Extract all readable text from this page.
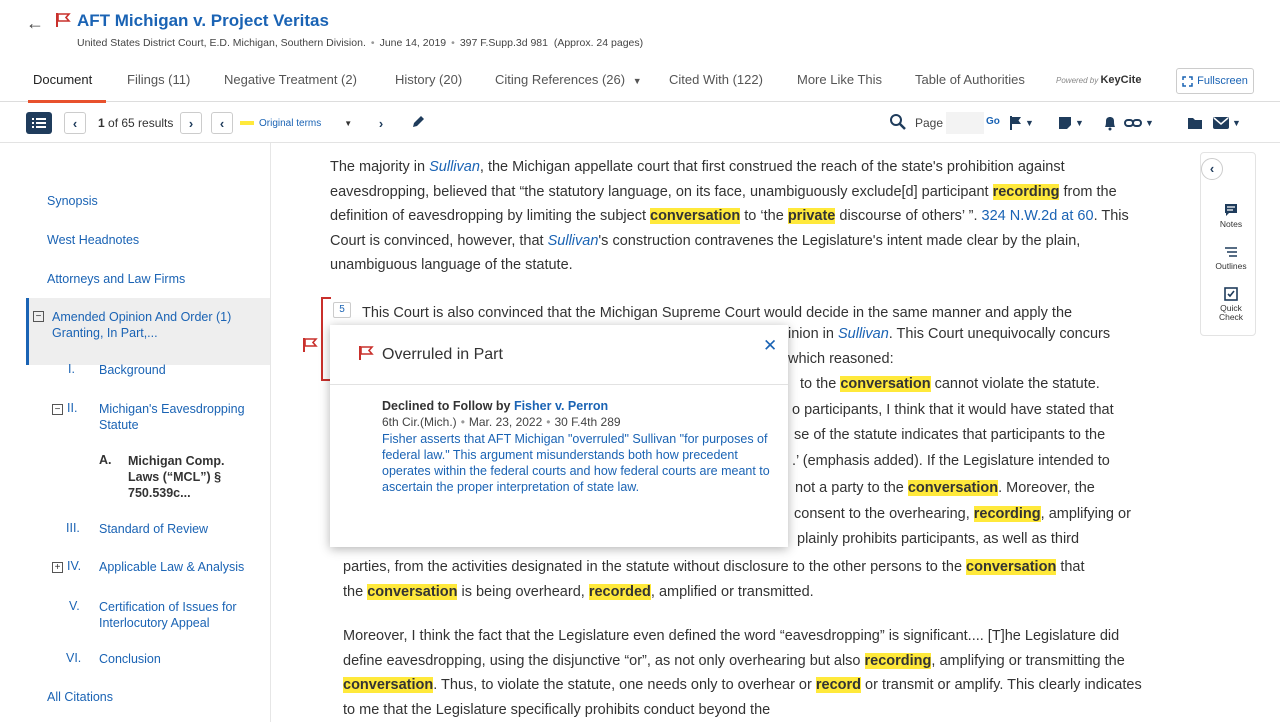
← AFT Michigan v. Project Veritas
United States District Court, E.D. Michigan, Southern Division. • June 14, 2019 • 397 F.Supp.3d 981 (Approx. 24 pages)
Document	Filings (11)	Negative Treatment (2)	History (20)	Citing References (26) ▼ Cited With (122)	More Like This	Table of Authorities	Powered by KeyCite	Fullscreen
‹ 1 of 65 results › ‹	Original terms	▼ ›	Page	Go	▼	▼	▼	▼
Synopsis
West Headnotes
Attorneys and Law Firms
− Amended Opinion And Order (1) Granting, In Part,...
I. Background
− II. Michigan's Eavesdropping Statute
A. Michigan Comp. Laws (“MCL”) § 750.539c...
III. Standard of Review
+ IV. Applicable Law & Analysis
V. Certification of Issues for Interlocutory Appeal
VI. Conclusion
All Citations

The majority in Sullivan, the Michigan appellate court that first construed the reach of the state's prohibition against eavesdropping, believed that “the statutory language, on its face, unambiguously exclude[d] participant recording from the definition of eavesdropping by limiting the subject conversation to ‘the private discourse of others’ ”. 324 N.W.2d at 60. This Court is convinced, however, that Sullivan's construction contravenes the Legislature's intent made clear by the plain, unambiguous language of the statute.

5	This Court is also convinced that the Michigan Supreme Court would decide in the same manner and apply the
inion in Sullivan. This Court unequivocally concurs
which reasoned:
to the conversation cannot violate the statute.
o participants, I think that it would have stated that
se of the statute indicates that participants to the
.’ (emphasis added). If the Legislature intended to
not a party to the conversation. Moreover, the
consent to the overhearing, recording, amplifying or
plainly prohibits participants, as well as third
parties, from the activities designated in the statute without disclosure to the other persons to the conversation that
the conversation is being overheard, recorded, amplified or transmitted.

Moreover, I think the fact that the Legislature even defined the word “eavesdropping” is significant.... [T]he Legislature did define eavesdropping, using the disjunctive “or”, as not only overhearing but also recording, amplifying or transmitting the conversation. Thus, to violate the statute, one needs only to overhear or record or transmit or amplify. This clearly indicates to me that the Legislature specifically prohibits conduct beyond the

Overruled in Part	✕
Declined to Follow by Fisher v. Perron
6th Cir.(Mich.) • Mar. 23, 2022 • 30 F.4th 289
Fisher asserts that AFT Michigan "overruled" Sullivan "for purposes of federal law." This argument misunderstands both how precedent operates within the federal courts and how federal courts are meant to ascertain the proper interpretation of state law.
‹
Notes
Outlines
Quick
Check
